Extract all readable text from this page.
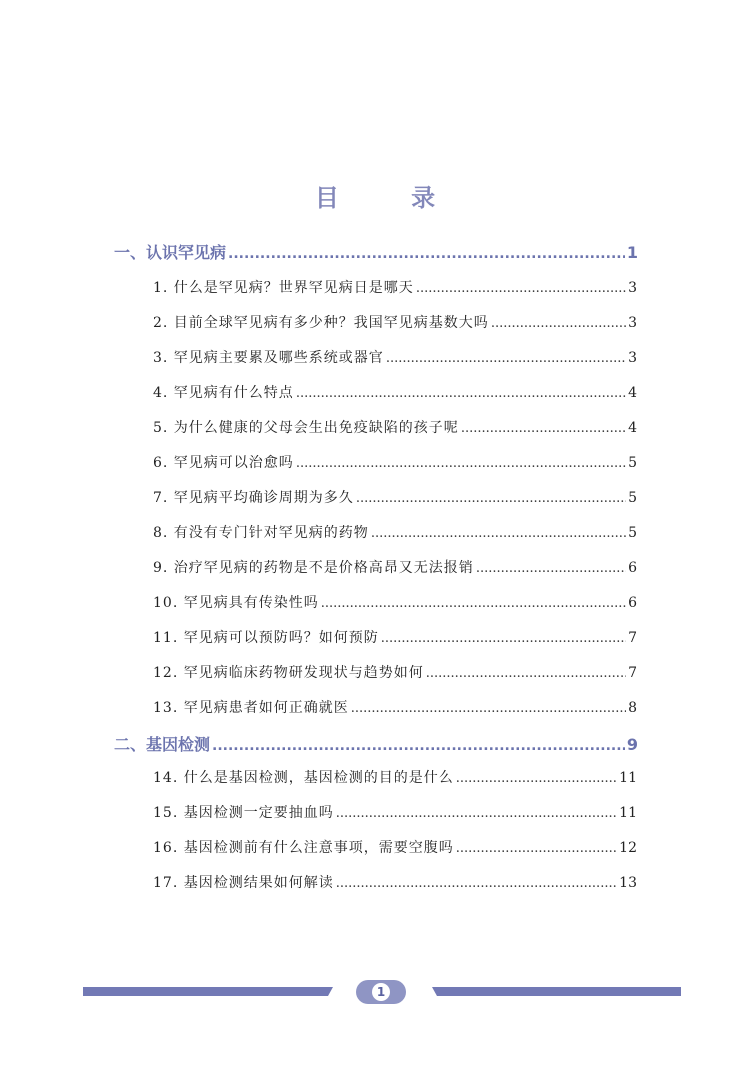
目 录
一、认识罕见病 .....	1
1. 什么是罕见病？世界罕见病日是哪天 .....	3
2. 目前全球罕见病有多少种？我国罕见病基数大吗 .....	3
3. 罕见病主要累及哪些系统或器官 .....	3
4. 罕见病有什么特点 .....	4
5. 为什么健康的父母会生出免疫缺陷的孩子呢 .....	4
6. 罕见病可以治愈吗 .....	5
7. 罕见病平均确诊周期为多久 .....	5
8. 有没有专门针对罕见病的药物 .....	5
9. 治疗罕见病的药物是不是价格高昂又无法报销 .....	6
10. 罕见病具有传染性吗 .....	6
11. 罕见病可以预防吗？如何预防 .....	7
12. 罕见病临床药物研发现状与趋势如何 .....	7
13. 罕见病患者如何正确就医 .....	8
二、基因检测 .....	9
14. 什么是基因检测，基因检测的目的是什么 .....	11
15. 基因检测一定要抽血吗 .....	11
16. 基因检测前有什么注意事项，需要空腹吗 .....	12
17. 基因检测结果如何解读 .....	13
1
